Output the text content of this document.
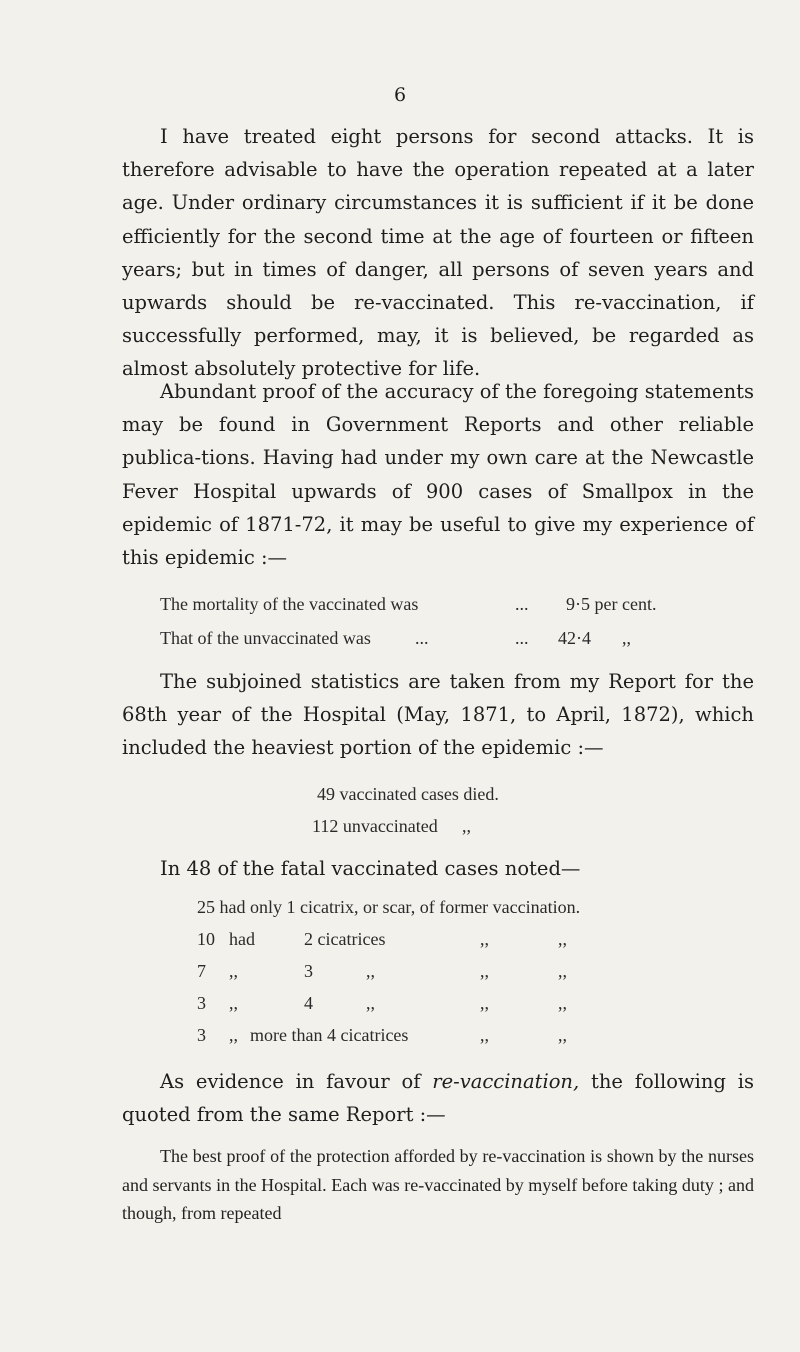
6

I have treated eight persons for second attacks. It is therefore advisable to have the operation repeated at a later age. Under ordinary circumstances it is sufficient if it be done efficiently for the second time at the age of fourteen or fifteen years; but in times of danger, all persons of seven years and upwards should be re-vaccinated. This re-vaccination, if successfully performed, may, it is believed, be regarded as almost absolutely protective for life.

Abundant proof of the accuracy of the foregoing statements may be found in Government Reports and other reliable publica-tions. Having had under my own care at the Newcastle Fever Hospital upwards of 900 cases of Smallpox in the epidemic of 1871-72, it may be useful to give my experience of this epidemic :—

The mortality of the vaccinated was	... 9·5 per cent.
That of the unvaccinated was ...	... 42·4 ,,

The subjoined statistics are taken from my Report for the 68th year of the Hospital (May, 1871, to April, 1872), which included the heaviest portion of the epidemic :—

49 vaccinated cases died.
112 unvaccinated ,,

In 48 of the fatal vaccinated cases noted—

25 had only 1 cicatrix, or scar, of former vaccination.
10 had	2 cicatrices	,,	,,
7 ,,	3	,,	,,	,,
3 ,,	4	,,	,,	,,
3 ,, more than 4 cicatrices	,,	,,

As evidence in favour of re-vaccination, the following is quoted from the same Report :—

The best proof of the protection afforded by re-vaccination is shown by the nurses and servants in the Hospital. Each was re-vaccinated by myself before taking duty ; and though, from repeated
